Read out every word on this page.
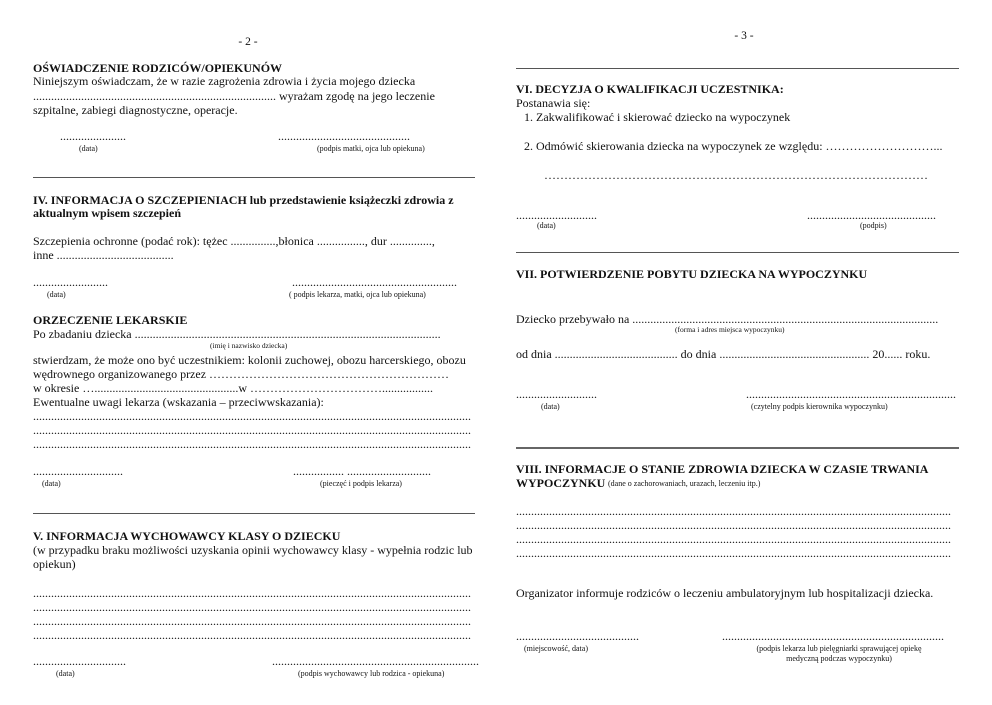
- 2 -
OŚWIADCZENIE RODZICÓW/OPIEKUNÓW
Niniejszym oświadczam, że w razie zagrożenia zdrowia i życia mojego dziecka
................................................................................. wyrażam zgodę na jego leczenie
szpitalne, zabiegi diagnostyczne, operacje.
......................
(data)
............................................
(podpis matki, ojca lub opiekuna)
IV. INFORMACJA O SZCZEPIENIACH lub przedstawienie książeczki zdrowia z
aktualnym wpisem szczepień
Szczepienia ochronne (podać rok): tężec ...............,błonica ................, dur ..............,
inne .......................................
.........................
(data)
.......................................................
( podpis lekarza, matki, ojca lub opiekuna)
ORZECZENIE LEKARSKIE
Po zbadaniu dziecka ......................................................................................................
(imię i nazwisko dziecka)
stwierdzam, że może ono być uczestnikiem: kolonii zuchowej, obozu harcerskiego, obozu
wędrownego organizowanego przez ……………………………………………………
w okresie …................................................w …………………………….................
Ewentualne uwagi lekarza (wskazania – przeciwwskazania):
..................................................................................................................................................
..................................................................................................................................................
..................................................................................................................................................
..............................
(data)
................. ............................
(pieczęć i podpis lekarza)
V. INFORMACJA WYCHOWAWCY KLASY O DZIECKU
(w przypadku braku możliwości uzyskania opinii wychowawcy klasy - wypełnia rodzic lub
opiekun)
..................................................................................................................................................
..................................................................................................................................................
..................................................................................................................................................
..................................................................................................................................................
...............................
(data)
.....................................................................
(podpis wychowawcy lub rodzica - opiekuna)
- 3 -
VI. DECYZJA O KWALIFIKACJI UCZESTNIKA:
Postanawia się:
1. Zakwalifikować i skierować dziecko na wypoczynek
2. Odmówić skierowania dziecka na wypoczynek ze względu: ………………………...
……………………………………………………………………………………
...........................
(data)
...........................................
(podpis)
VII. POTWIERDZENIE POBYTU DZIECKA NA WYPOCZYNKU
Dziecko przebywało na ......................................................................................................
(forma i adres miejsca wypoczynku)
od dnia ......................................... do dnia .................................................. 20...... roku.
...........................
(data)
......................................................................
(czytelny podpis kierownika wypoczynku)
VIII. INFORMACJE O STANIE ZDROWIA DZIECKA W CZASIE TRWANIA
WYPOCZYNKU (dane o zachorowaniach, urazach, leczeniu itp.)
.................................................................................................................................................
.................................................................................................................................................
.................................................................................................................................................
.................................................................................................................................................
Organizator informuje rodziców o leczeniu ambulatoryjnym lub hospitalizacji dziecka.
.........................................
(miejscowość, data)
..........................................................................
(podpis lekarza lub pielęgniarki sprawującej opiekę
medyczną podczas wypoczynku)
